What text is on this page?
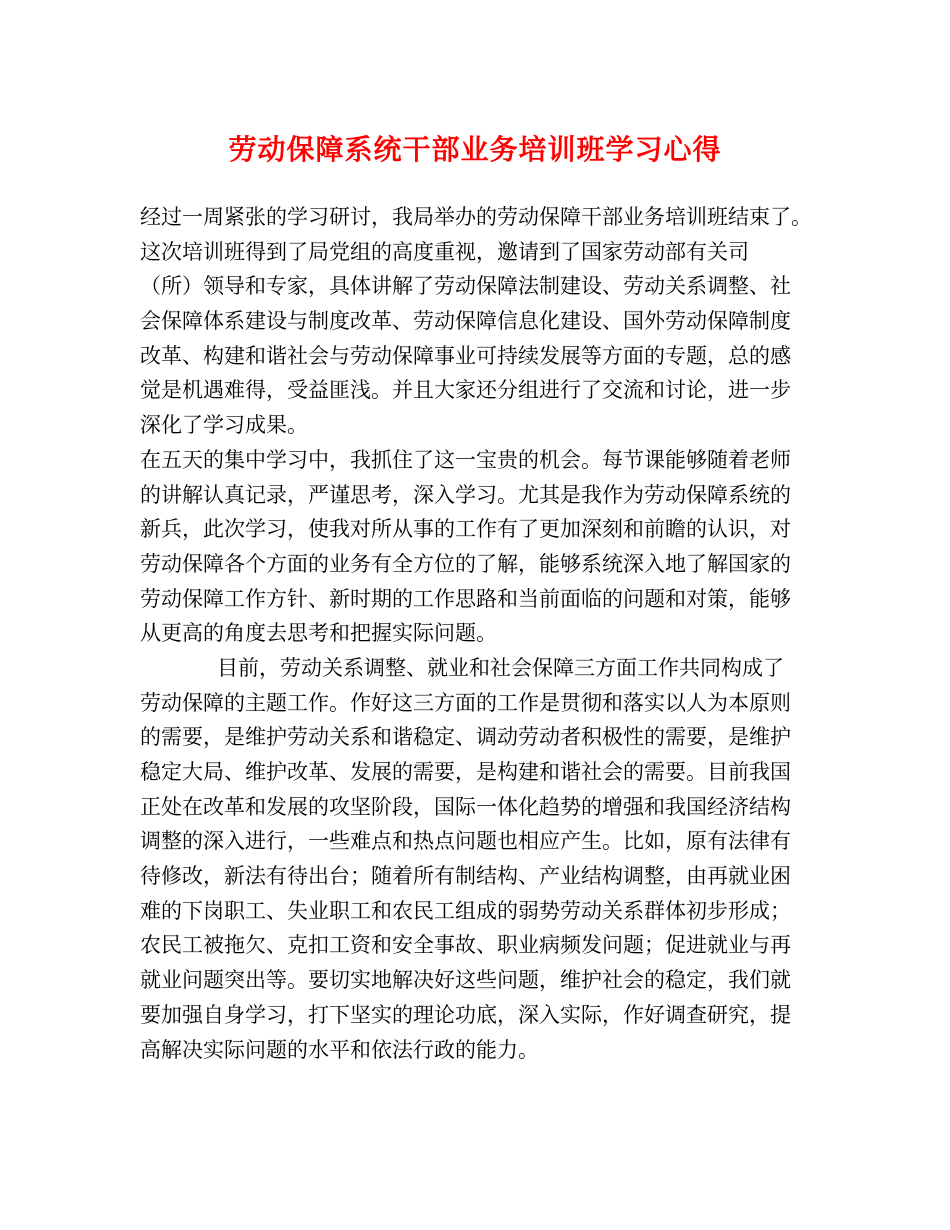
劳动保障系统干部业务培训班学习心得
经过一周紧张的学习研讨，我局举办的劳动保障干部业务培训班结束了。
这次培训班得到了局党组的高度重视，邀请到了国家劳动部有关司
（所）领导和专家，具体讲解了劳动保障法制建设、劳动关系调整、社
会保障体系建设与制度改革、劳动保障信息化建设、国外劳动保障制度
改革、构建和谐社会与劳动保障事业可持续发展等方面的专题，总的感
觉是机遇难得，受益匪浅。并且大家还分组进行了交流和讨论，进一步
深化了学习成果。
在五天的集中学习中，我抓住了这一宝贵的机会。每节课能够随着老师
的讲解认真记录，严谨思考，深入学习。尤其是我作为劳动保障系统的
新兵，此次学习，使我对所从事的工作有了更加深刻和前瞻的认识，对
劳动保障各个方面的业务有全方位的了解，能够系统深入地了解国家的
劳动保障工作方针、新时期的工作思路和当前面临的问题和对策，能够
从更高的角度去思考和把握实际问题。
目前，劳动关系调整、就业和社会保障三方面工作共同构成了
劳动保障的主题工作。作好这三方面的工作是贯彻和落实以人为本原则
的需要，是维护劳动关系和谐稳定、调动劳动者积极性的需要，是维护
稳定大局、维护改革、发展的需要，是构建和谐社会的需要。目前我国
正处在改革和发展的攻坚阶段，国际一体化趋势的增强和我国经济结构
调整的深入进行，一些难点和热点问题也相应产生。比如，原有法律有
待修改，新法有待出台；随着所有制结构、产业结构调整，由再就业困
难的下岗职工、失业职工和农民工组成的弱势劳动关系群体初步形成；
农民工被拖欠、克扣工资和安全事故、职业病频发问题；促进就业与再
就业问题突出等。要切实地解决好这些问题，维护社会的稳定，我们就
要加强自身学习，打下坚实的理论功底，深入实际，作好调查研究，提
高解决实际问题的水平和依法行政的能力。
